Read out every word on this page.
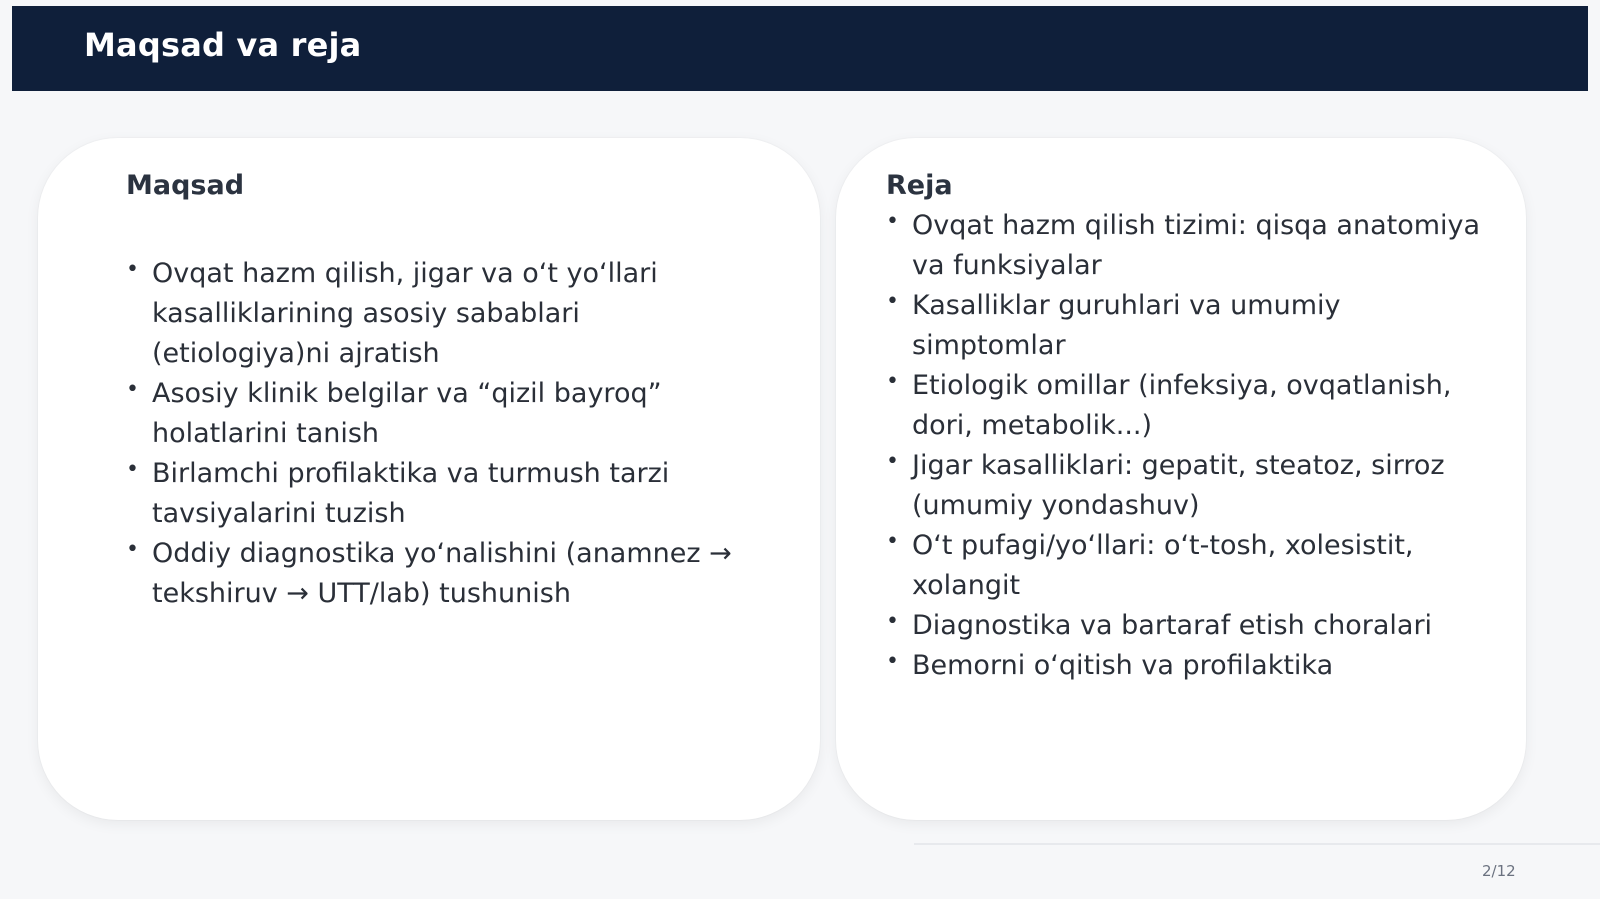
Maqsad va reja
Maqsad
• Ovqat hazm qilish, jigar va o‘t yo‘llari kasalliklarining asosiy sabablari (etiologiya)ni ajratish
• Asosiy klinik belgilar va “qizil bayroq” holatlarini tanish
• Birlamchi profilaktika va turmush tarzi tavsiyalarini tuzish
• Oddiy diagnostika yo‘nalishini (anamnez → tekshiruv → UTT/lab) tushunish
Reja
• Ovqat hazm qilish tizimi: qisqa anatomiya va funksiyalar
• Kasalliklar guruhlari va umumiy simptomlar
• Etiologik omillar (infeksiya, ovqatlanish, dori, metabolik...)
• Jigar kasalliklari: gepatit, steatoz, sirroz (umumiy yondashuv)
• O‘t pufagi/yo‘llari: o‘t-tosh, xolesistit, xolangit
• Diagnostika va bartaraf etish choralari
• Bemorni o‘qitish va profilaktika
2/12
